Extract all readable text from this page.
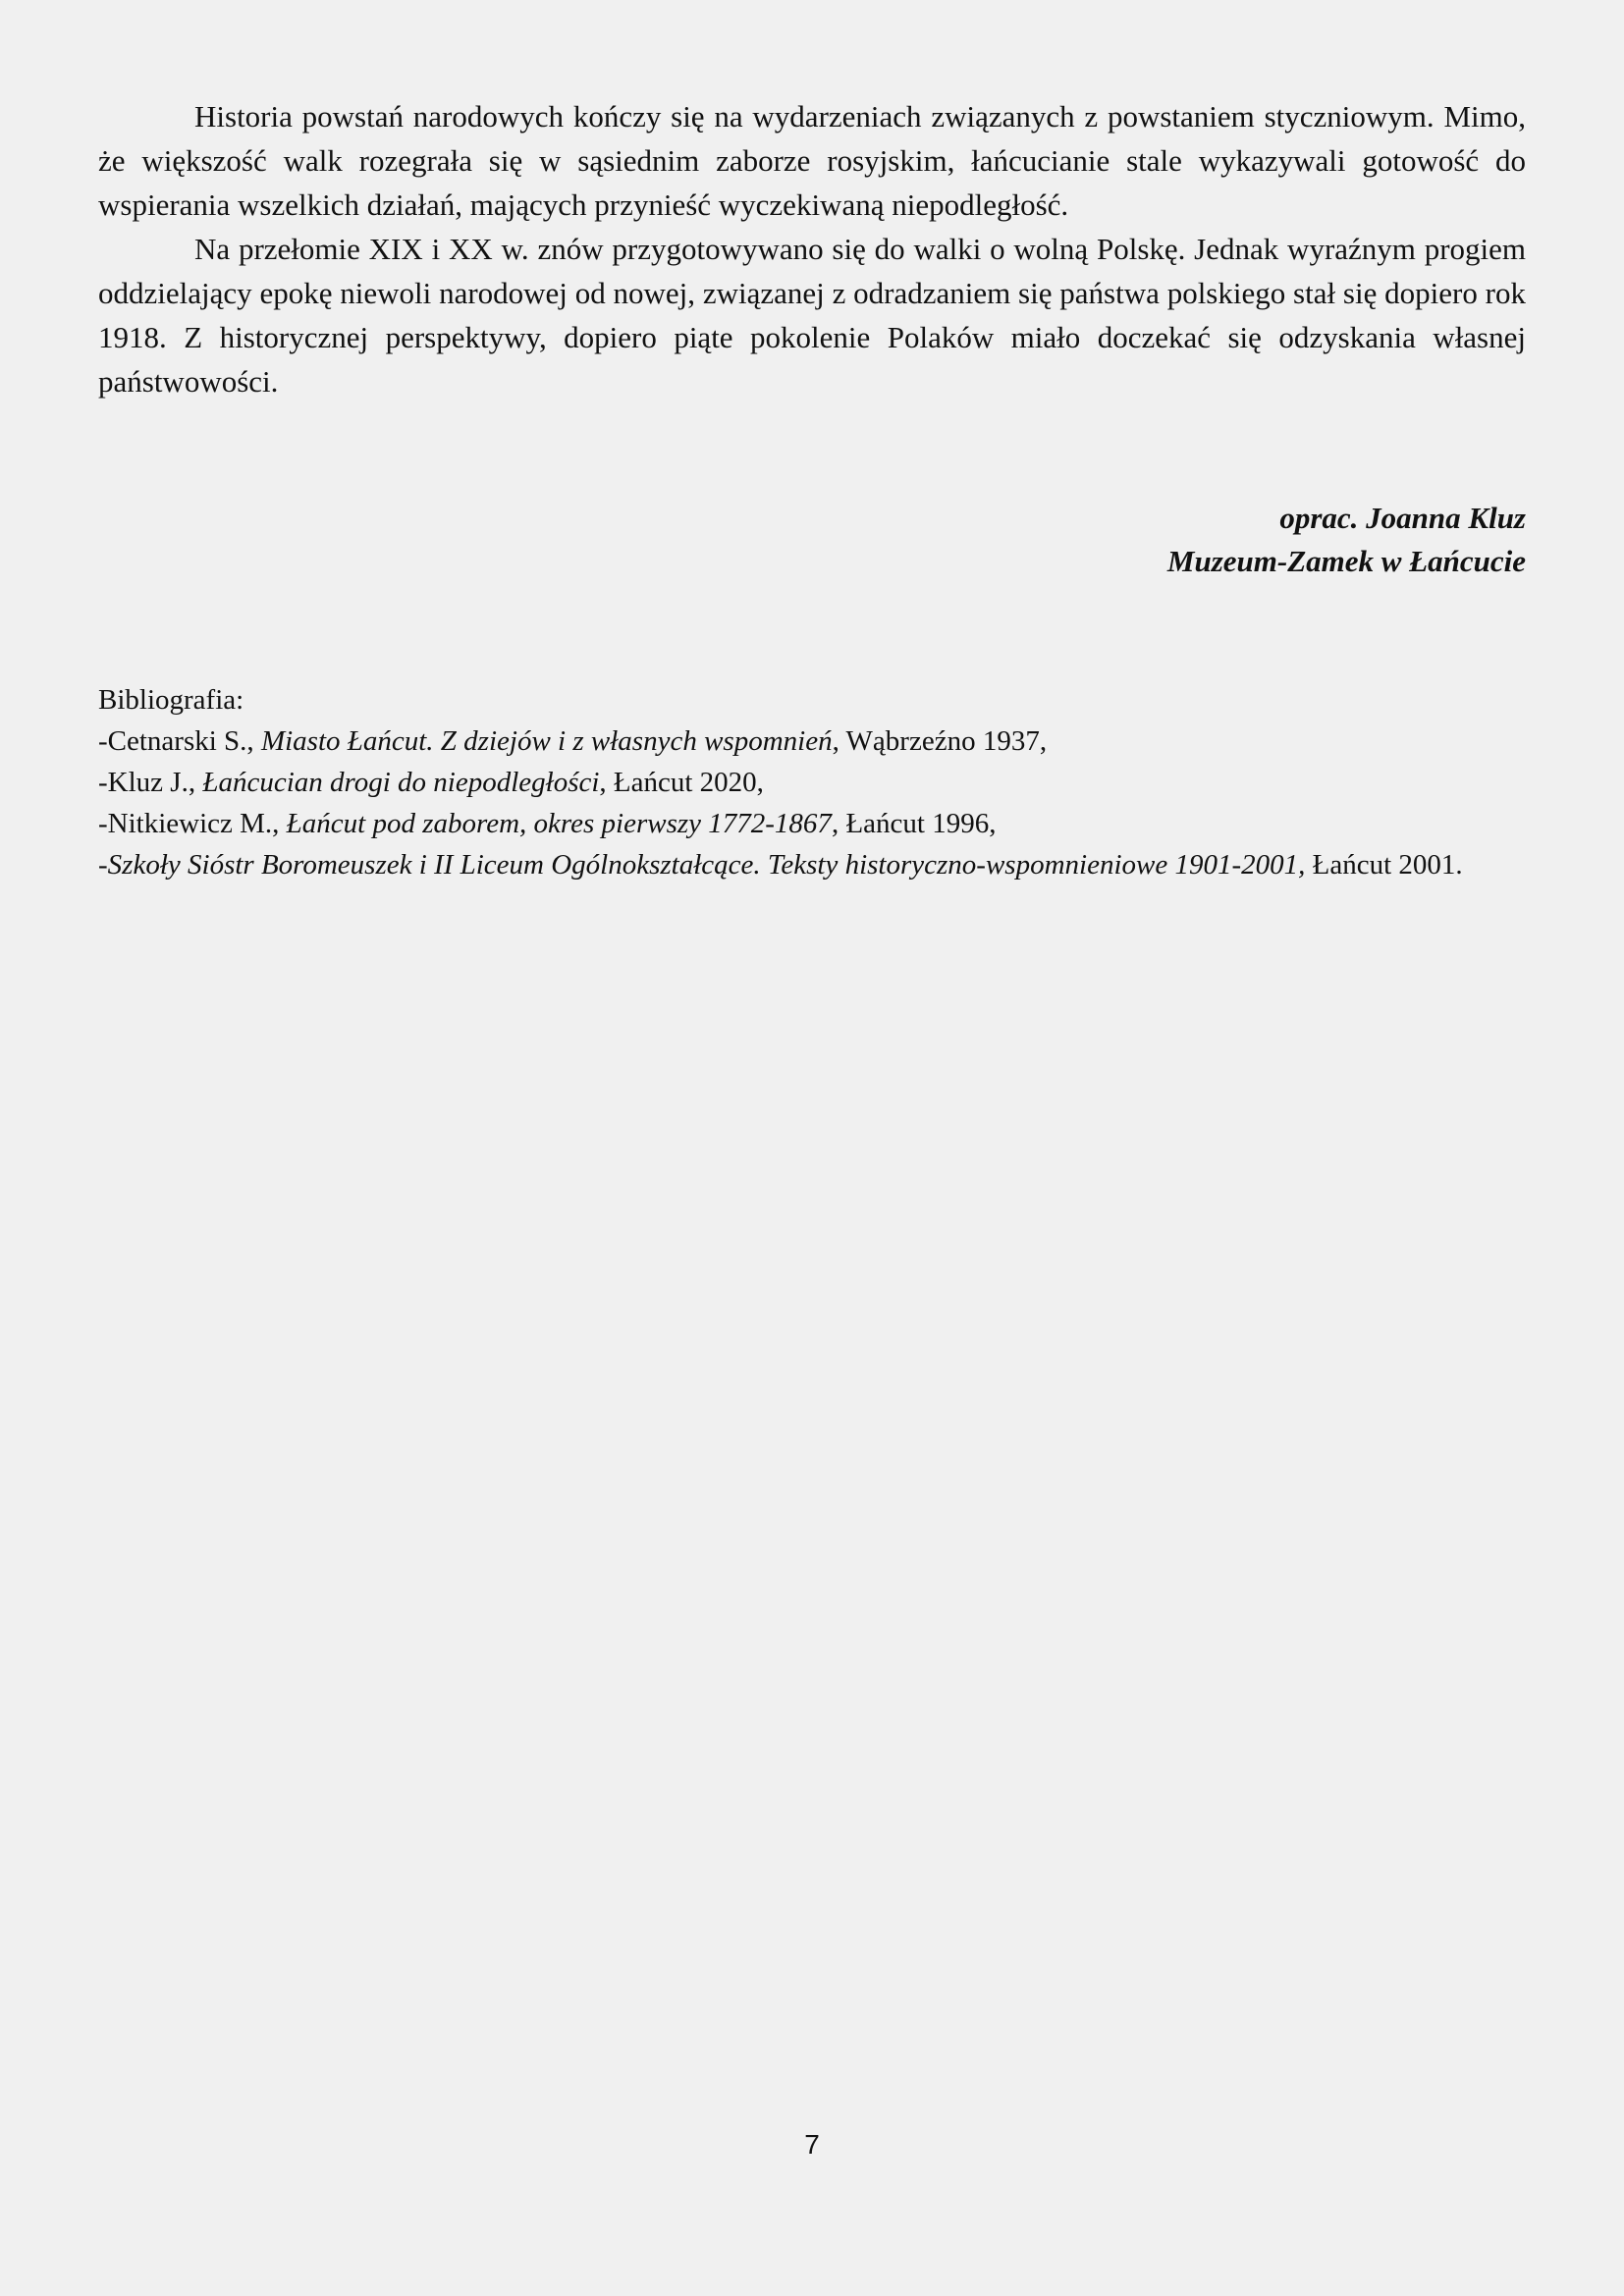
Historia powstań narodowych kończy się na wydarzeniach związanych z powstaniem styczniowym. Mimo, że większość walk rozegrała się w sąsiednim zaborze rosyjskim, łańcucianie stale wykazywali gotowość do wspierania wszelkich działań, mających przynieść wyczekiwaną niepodległość.

Na przełomie XIX i XX w. znów przygotowywano się do walki o wolną Polskę. Jednak wyraźnym progiem oddzielający epokę niewoli narodowej od nowej, związanej z odradzaniem się państwa polskiego stał się dopiero rok 1918. Z historycznej perspektywy, dopiero piąte pokolenie Polaków miało doczekać się odzyskania własnej państwowości.

oprac. Joanna Kluz
Muzeum-Zamek w Łańcucie

Bibliografia:

-Cetnarski S., Miasto Łańcut. Z dziejów i z własnych wspomnień, Wąbrzeźno 1937,

-Kluz J., Łańcucian drogi do niepodległości, Łańcut 2020,

-Nitkiewicz M., Łańcut pod zaborem, okres pierwszy 1772-1867, Łańcut 1996,

-Szkoły Sióstr Boromeuszek i II Liceum Ogólnokształcące. Teksty historyczno-wspomnieniowe 1901-2001, Łańcut 2001.

7
